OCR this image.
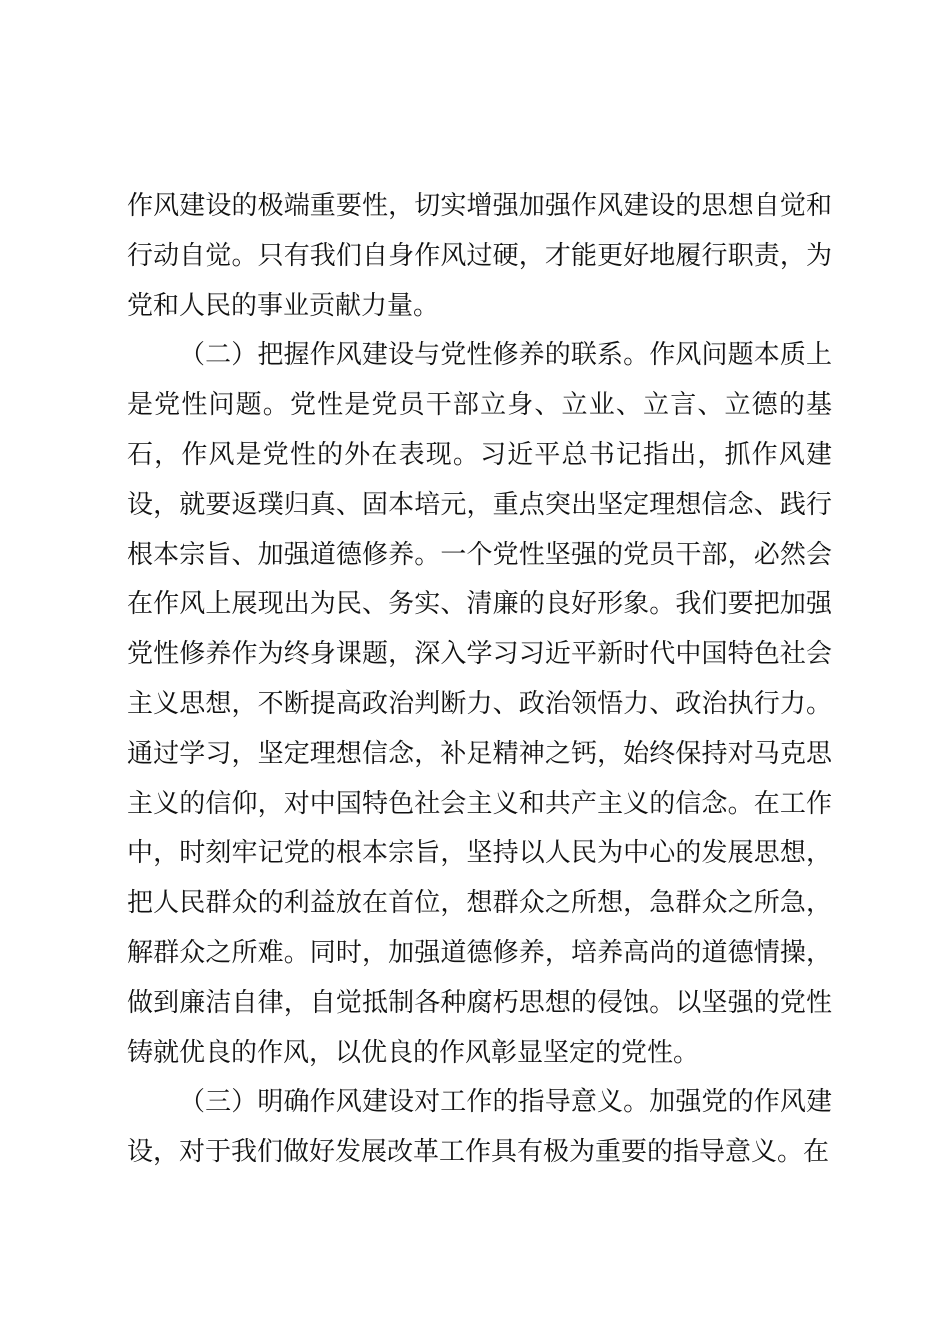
作风建设的极端重要性，切实增强加强作风建设的思想自觉和行动自觉。只有我们自身作风过硬，才能更好地履行职责，为党和人民的事业贡献力量。

（二）把握作风建设与党性修养的联系。作风问题本质上是党性问题。党性是党员干部立身、立业、立言、立德的基石，作风是党性的外在表现。习近平总书记指出，抓作风建设，就要返璞归真、固本培元，重点突出坚定理想信念、践行根本宗旨、加强道德修养。一个党性坚强的党员干部，必然会在作风上展现出为民、务实、清廉的良好形象。我们要把加强党性修养作为终身课题，深入学习习近平新时代中国特色社会主义思想，不断提高政治判断力、政治领悟力、政治执行力。通过学习，坚定理想信念，补足精神之钙，始终保持对马克思主义的信仰，对中国特色社会主义和共产主义的信念。在工作中，时刻牢记党的根本宗旨，坚持以人民为中心的发展思想，把人民群众的利益放在首位，想群众之所想，急群众之所急，解群众之所难。同时，加强道德修养，培养高尚的道德情操，做到廉洁自律，自觉抵制各种腐朽思想的侵蚀。以坚强的党性铸就优良的作风，以优良的作风彰显坚定的党性。

（三）明确作风建设对工作的指导意义。加强党的作风建设，对于我们做好发展改革工作具有极为重要的指导意义。在
